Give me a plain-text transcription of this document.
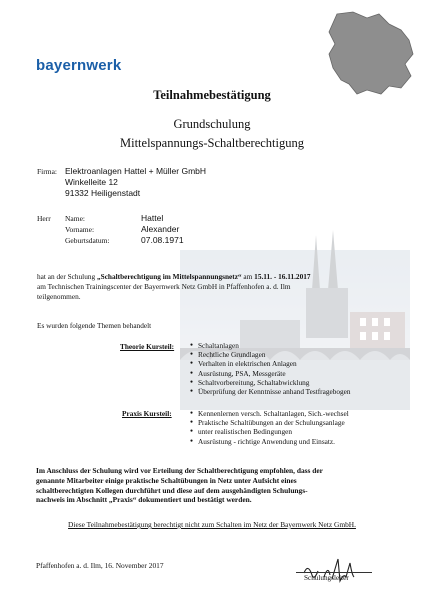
bayernwerk
Teilnahmebestätigung
Grundschulung
Mittelspannungs-Schaltberechtigung
Firma: Elektroanlagen Hattel + Müller GmbH
Winkelleite 12
91332 Heiligenstadt
Herr Name:	Hattel
Vorname:	Alexander
Geburtsdatum:	07.08.1971
hat an der Schulung „Schaltberechtigung im Mittelspannungsnetz“ am 15.11. - 16.11.2017
am Technischen Trainingscenter der Bayernwerk Netz GmbH in Pfaffenhofen a. d. Ilm
teilgenommen.
Es wurden folgende Themen behandelt
Theorie Kursteil:	● Schaltanlagen
● Rechtliche Grundlagen
● Verhalten in elektrischen Anlagen
● Ausrüstung, PSA, Messgeräte
● Schaltvorbereitung, Schaltabwicklung
● Überprüfung der Kenntnisse anhand Testfragebogen
Praxis Kursteil:	● Kennenlernen versch. Schaltanlagen, Sich.-wechsel
● Praktische Schaltübungen an der Schulungsanlage
● unter realistischen Bedingungen
● Ausrüstung - richtige Anwendung und Einsatz.
Im Anschluss der Schulung wird vor Erteilung der Schaltberechtigung empfohlen, dass der
genannte Mitarbeiter einige praktische Schaltübungen in Netz unter Aufsicht eines
schaltberechtigten Kollegen durchführt und diese auf dem ausgehändigten Schulungs-
nachweis im Abschnitt „Praxis“ dokumentiert und bestätigt werden.
Diese Teilnahmebestätigung berechtigt nicht zum Schalten im Netz der Bayernwerk Netz GmbH.
Pfaffenhofen a. d. Ilm, 16. November 2017
Schulungsleiter
